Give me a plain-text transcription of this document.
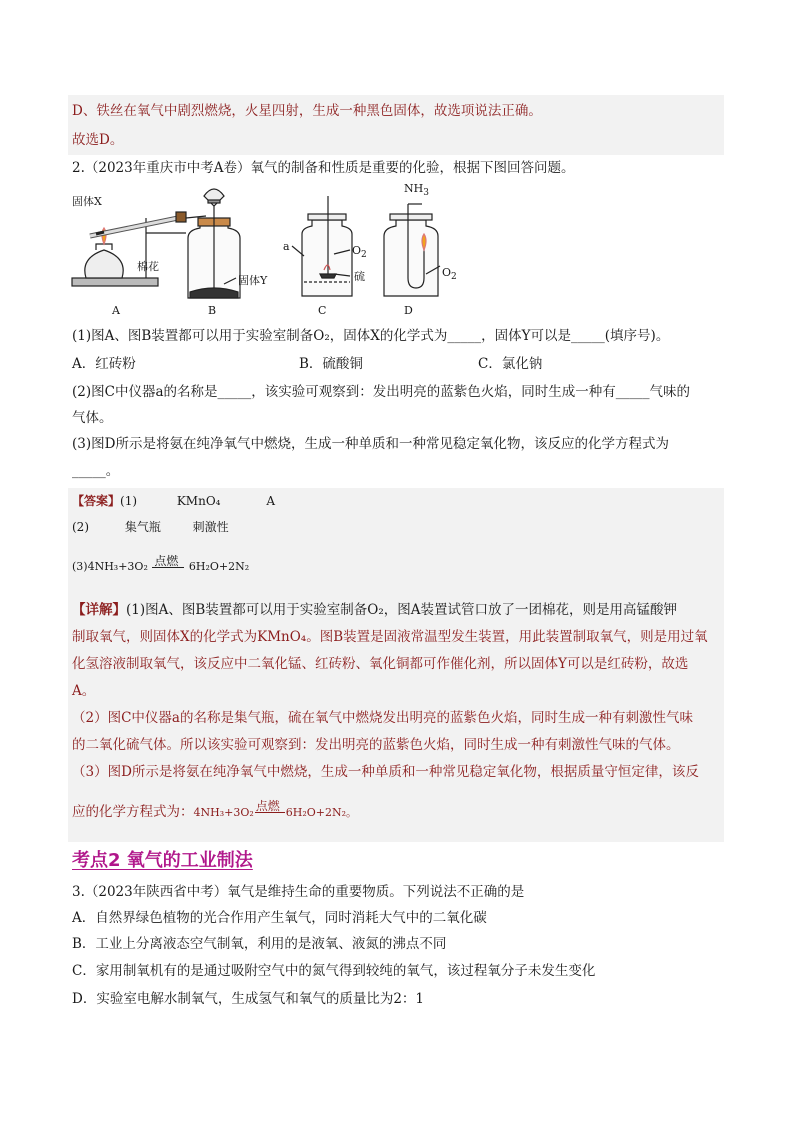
D、铁丝在氧气中剧烈燃烧，火星四射，生成一种黑色固体，故选项说法正确。
故选D。
2.（2023年重庆市中考A卷）氧气的制备和性质是重要的化验，根据下图回答问题。
固体X
棉花
固体Y
a	$O_2$
硫
$NH_3$
$O_2$
A	B	C	D
(1)图A、图B装置都可以用于实验室制备O₂，固体X的化学式为_____，固体Y可以是_____(填序号)。
A．红砖粉	B．硫酸铜	C．氯化钠
(2)图C中仪器a的名称是_____，该实验可观察到：发出明亮的蓝紫色火焰，同时生成一种有_____气味的
气体。
(3)图D所示是将氨在纯净氧气中燃烧，生成一种单质和一种常见稳定氧化物，该反应的化学方程式为
_____。
【答案】(1)	KMnO₄	A
(2)	集气瓶	刺激性
(3)4NH₃+3O₂ 点燃 6H₂O+2N₂
【详解】(1)图A、图B装置都可以用于实验室制备O₂，图A装置试管口放了一团棉花，则是用高锰酸钾
制取氧气，则固体X的化学式为KMnO₄。图B装置是固液常温型发生装置，用此装置制取氧气，则是用过氧
化氢溶液制取氧气，该反应中二氧化锰、红砖粉、氧化铜都可作催化剂，所以固体Y可以是红砖粉，故选
A。
（2）图C中仪器a的名称是集气瓶，硫在氧气中燃烧发出明亮的蓝紫色火焰，同时生成一种有刺激性气味
的二氧化硫气体。所以该实验可观察到：发出明亮的蓝紫色火焰，同时生成一种有刺激性气味的气体。
（3）图D所示是将氨在纯净氧气中燃烧，生成一种单质和一种常见稳定氧化物，根据质量守恒定律，该反
应的化学方程式为：4NH₃+3O₂ 点燃 6H₂O+2N₂。
考点2 氧气的工业制法
3.（2023年陕西省中考）氧气是维持生命的重要物质。下列说法不正确的是
A．自然界绿色植物的光合作用产生氧气，同时消耗大气中的二氧化碳
B．工业上分离液态空气制氧，利用的是液氧、液氮的沸点不同
C．家用制氧机有的是通过吸附空气中的氮气得到较纯的氧气，该过程氧分子未发生变化
D．实验室电解水制氧气，生成氢气和氧气的质量比为2：1
